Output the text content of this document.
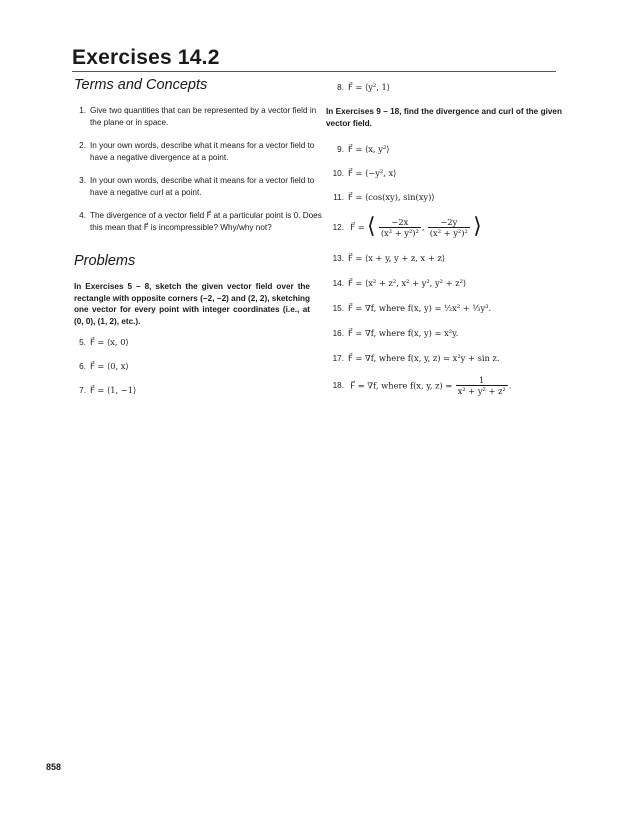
Exercises 14.2
Terms and Concepts
1. Give two quantities that can be represented by a vector field in the plane or in space.
2. In your own words, describe what it means for a vector field to have a negative divergence at a point.
3. In your own words, describe what it means for a vector field to have a negative curl at a point.
4. The divergence of a vector field F⃗ at a particular point is 0. Does this mean that F⃗ is incompressible? Why/why not?
Problems
In Exercises 5 – 8, sketch the given vector field over the rectangle with opposite corners (−2, −2) and (2, 2), sketching one vector for every point with integer coordinates (i.e., at (0, 0), (1, 2), etc.).
5. F⃗ = ⟨x, 0⟩
6. F⃗ = ⟨0, x⟩
7. F⃗ = ⟨1, −1⟩
8. F⃗ = ⟨y², 1⟩
In Exercises 9 – 18, find the divergence and curl of the given vector field.
9. F⃗ = ⟨x, y²⟩
10. F⃗ = ⟨−y², x⟩
11. F⃗ = ⟨cos(xy), sin(xy)⟩
12. F⃗ = ⟨ $\frac{-2x}{\text{(x² + y²)²}}$ , $\frac{-2y}{\text{(x² + y²)²}}$ ⟩
13. F⃗ = ⟨x + y, y + z, x + z⟩
14. F⃗ = ⟨x² + z², x² + y², y² + z²⟩
15. F⃗ = ∇f, where f(x, y) = ½x² + ⅓y³.
16. F⃗ = ∇f, where f(x, y) = x²y.
17. F⃗ = ∇f, where f(x, y, z) = x²y + sin z.
18. F⃗ = ∇f, where f(x, y, $z) = \frac{1}{\text{x² + y² + z²}}$ .
858
